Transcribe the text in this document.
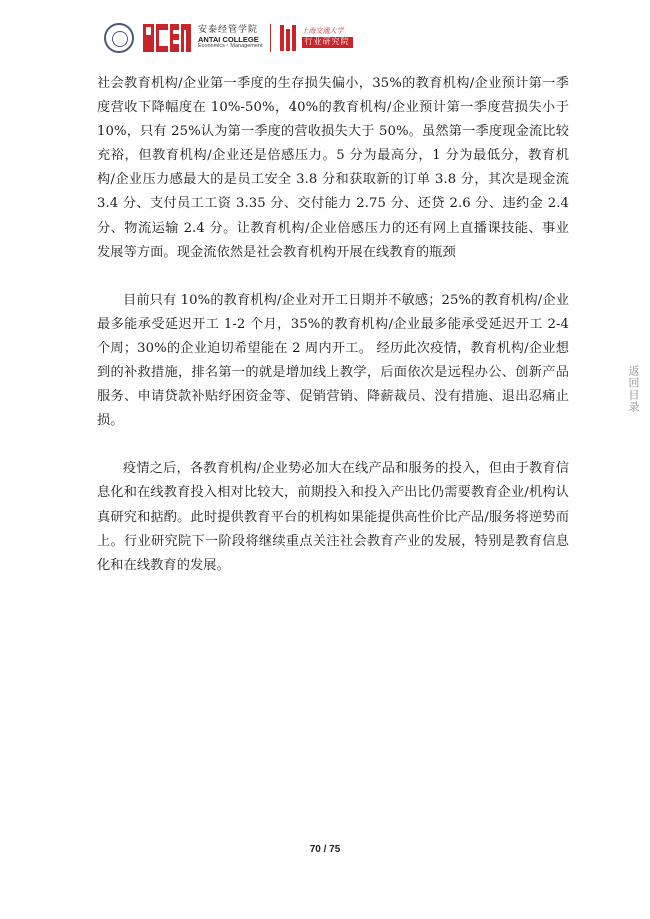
安泰经管学院
ANTAI COLLEGE
Economics・Management
上海交通大学
行业研究院

社会教育机构/企业第一季度的生存损失偏小，35%的教育机构/企业预计第一季度营收下降幅度在 10%-50%，40%的教育机构/企业预计第一季度营损失小于 10%，只有 25%认为第一季度的营收损失大于 50%。虽然第一季度现金流比较充裕，但教育机构/企业还是倍感压力。5 分为最高分，1 分为最低分，教育机构/企业压力感最大的是员工安全 3.8 分和获取新的订单 3.8 分，其次是现金流 3.4 分、支付员工工资 3.35 分、交付能力 2.75 分、还贷 2.6 分、违约金 2.4 分、物流运输 2.4 分。让教育机构/企业倍感压力的还有网上直播课技能、事业发展等方面。现金流依然是社会教育机构开展在线教育的瓶颈

目前只有 10%的教育机构/企业对开工日期并不敏感；25%的教育机构/企业最多能承受延迟开工 1-2 个月，35%的教育机构/企业最多能承受延迟开工 2-4 个周；30%的企业迫切希望能在 2 周内开工。 经历此次疫情，教育机构/企业想到的补救措施，排名第一的就是增加线上教学，后面依次是远程办公、创新产品服务、申请贷款补贴纾困资金等、促销营销、降薪裁员、没有措施、退出忍痛止损。

疫情之后，各教育机构/企业势必加大在线产品和服务的投入，但由于教育信息化和在线教育投入相对比较大，前期投入和投入产出比仍需要教育企业/机构认真研究和掂酌。此时提供教育平台的机构如果能提供高性价比产品/服务将逆势而上。行业研究院下一阶段将继续重点关注社会教育产业的发展，特别是教育信息化和在线教育的发展。

返回目录
70 / 75
